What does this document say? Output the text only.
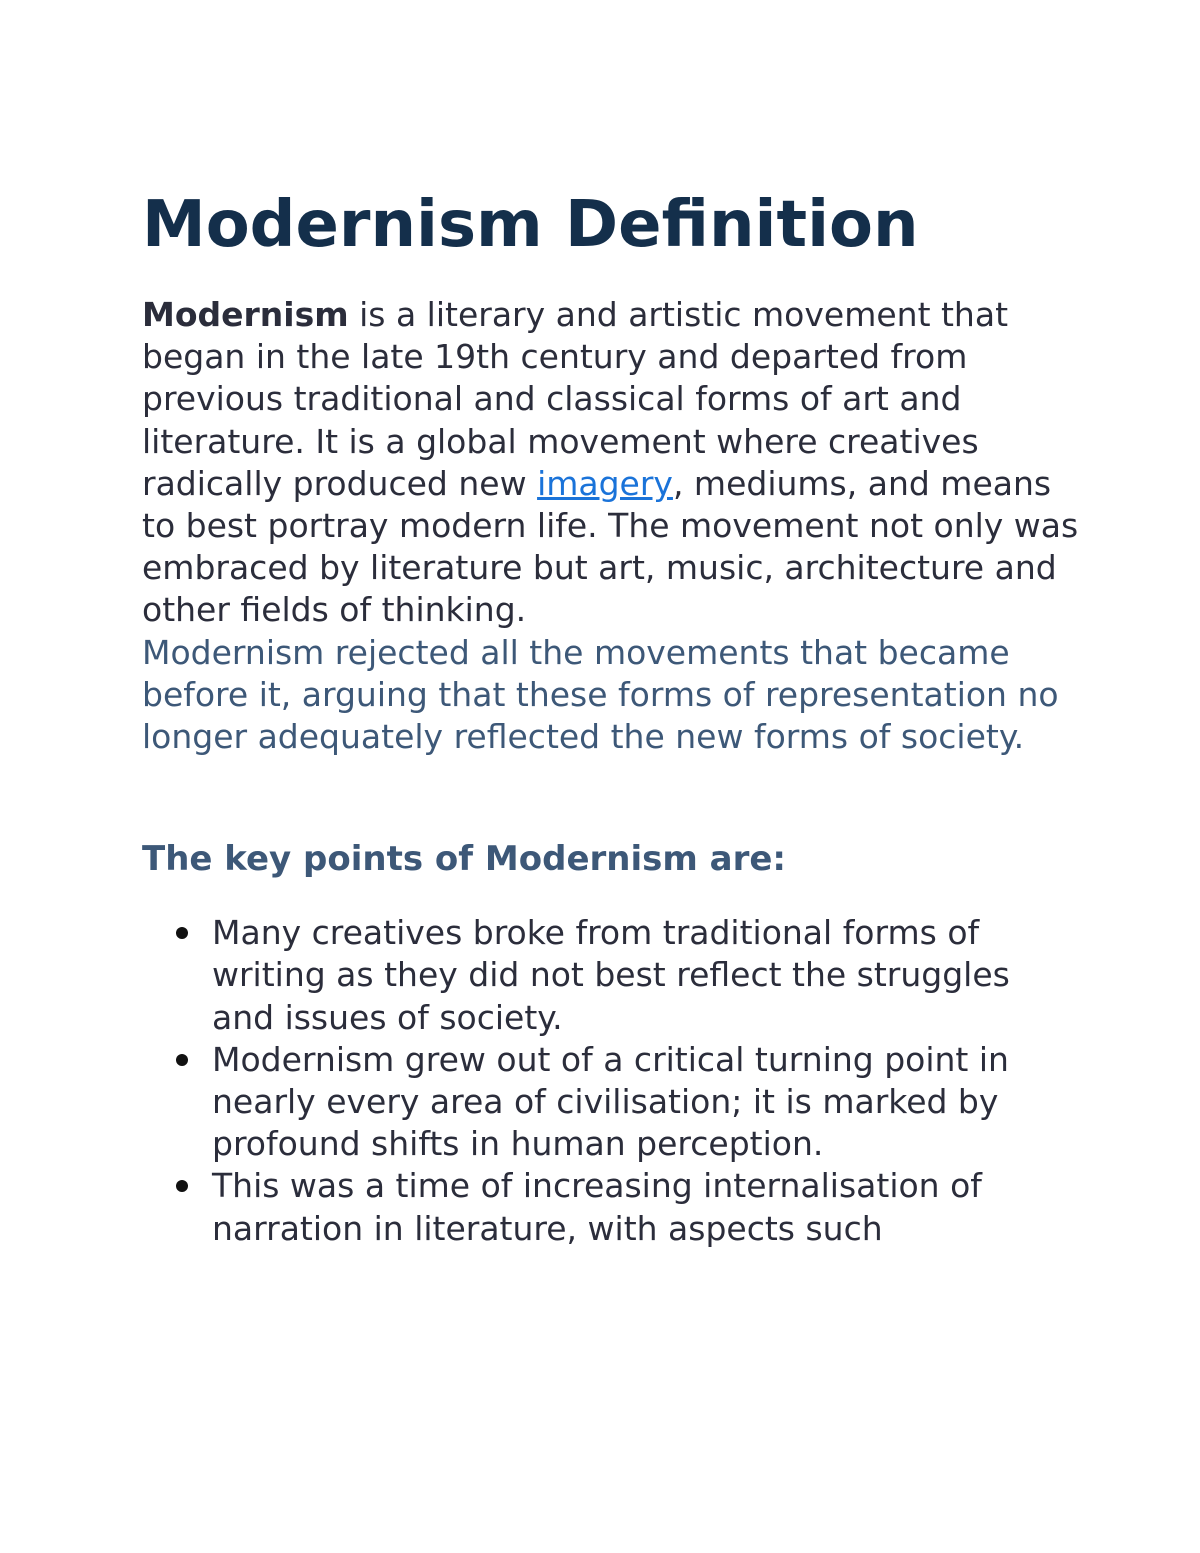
Modernism Definition

Modernism is a literary and artistic movement that began in the late 19th century and departed from previous traditional and classical forms of art and literature. It is a global movement where creatives radically produced new imagery, mediums, and means to best portray modern life. The movement not only was embraced by literature but art, music, architecture and other fields of thinking.

Modernism rejected all the movements that became before it, arguing that these forms of representation no longer adequately reflected the new forms of society.

The key points of Modernism are:
Many creatives broke from traditional forms of writing as they did not best reflect the struggles and issues of society.
Modernism grew out of a critical turning point in nearly every area of civilisation; it is marked by profound shifts in human perception.
This was a time of increasing internalisation of narration in literature, with aspects such
